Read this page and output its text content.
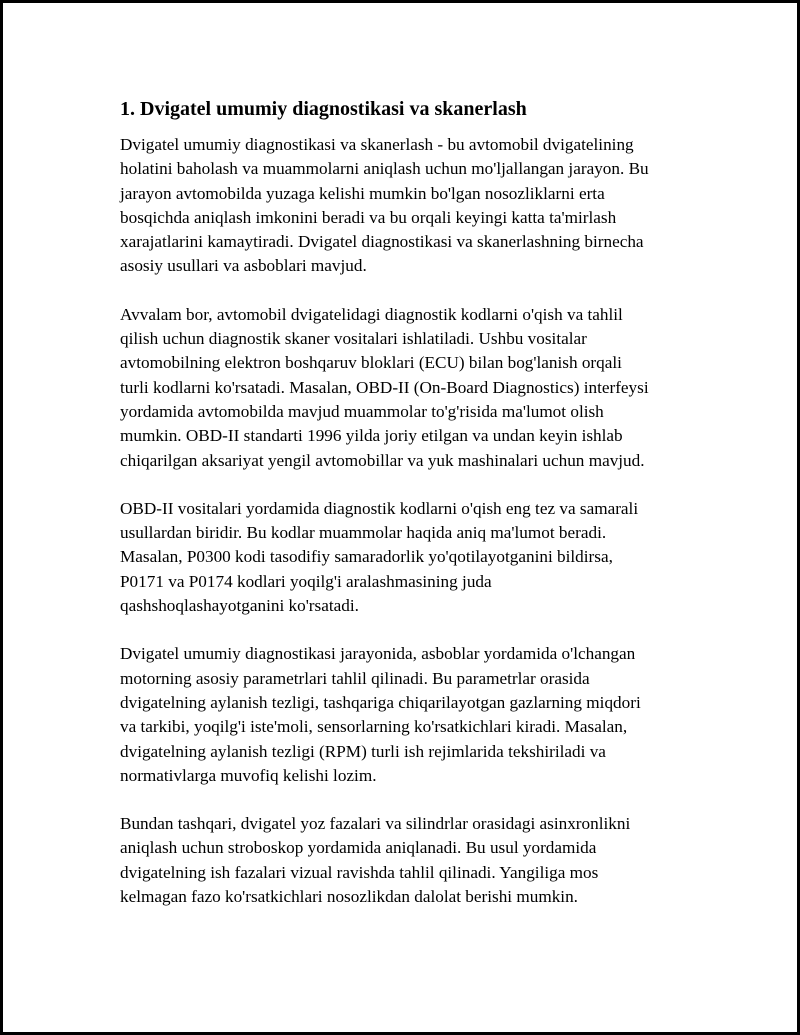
1. Dvigatel umumiy diagnostikasi va skanerlash

Dvigatel umumiy diagnostikasi va skanerlash - bu avtomobil dvigatelining
holatini baholash va muammolarni aniqlash uchun mo'ljallangan jarayon. Bu
jarayon avtomobilda yuzaga kelishi mumkin bo'lgan nosozliklarni erta
bosqichda aniqlash imkonini beradi va bu orqali keyingi katta ta'mirlash
xarajatlarini kamaytiradi. Dvigatel diagnostikasi va skanerlashning birnecha
asosiy usullari va asboblari mavjud.

Avvalam bor, avtomobil dvigatelidagi diagnostik kodlarni o'qish va tahlil
qilish uchun diagnostik skaner vositalari ishlatiladi. Ushbu vositalar
avtomobilning elektron boshqaruv bloklari (ECU) bilan bog'lanish orqali
turli kodlarni ko'rsatadi. Masalan, OBD-II (On-Board Diagnostics) interfeysi
yordamida avtomobilda mavjud muammolar to'g'risida ma'lumot olish
mumkin. OBD-II standarti 1996 yilda joriy etilgan va undan keyin ishlab
chiqarilgan aksariyat yengil avtomobillar va yuk mashinalari uchun mavjud.

OBD-II vositalari yordamida diagnostik kodlarni o'qish eng tez va samarali
usullardan biridir. Bu kodlar muammolar haqida aniq ma'lumot beradi.
Masalan, P0300 kodi tasodifiy samaradorlik yo'qotilayotganini bildirsa,
P0171 va P0174 kodlari yoqilg'i aralashmasining juda
qashshoqlashayotganini ko'rsatadi.

Dvigatel umumiy diagnostikasi jarayonida, asboblar yordamida o'lchangan
motorning asosiy parametrlari tahlil qilinadi. Bu parametrlar orasida
dvigatelning aylanish tezligi, tashqariga chiqarilayotgan gazlarning miqdori
va tarkibi, yoqilg'i iste'moli, sensorlarning ko'rsatkichlari kiradi. Masalan,
dvigatelning aylanish tezligi (RPM) turli ish rejimlarida tekshiriladi va
normativlarga muvofiq kelishi lozim.

Bundan tashqari, dvigatel yoz fazalari va silindrlar orasidagi asinxronlikni
aniqlash uchun stroboskop yordamida aniqlanadi. Bu usul yordamida
dvigatelning ish fazalari vizual ravishda tahlil qilinadi. Yangiliga mos
kelmagan fazo ko'rsatkichlari nosozlikdan dalolat berishi mumkin.
